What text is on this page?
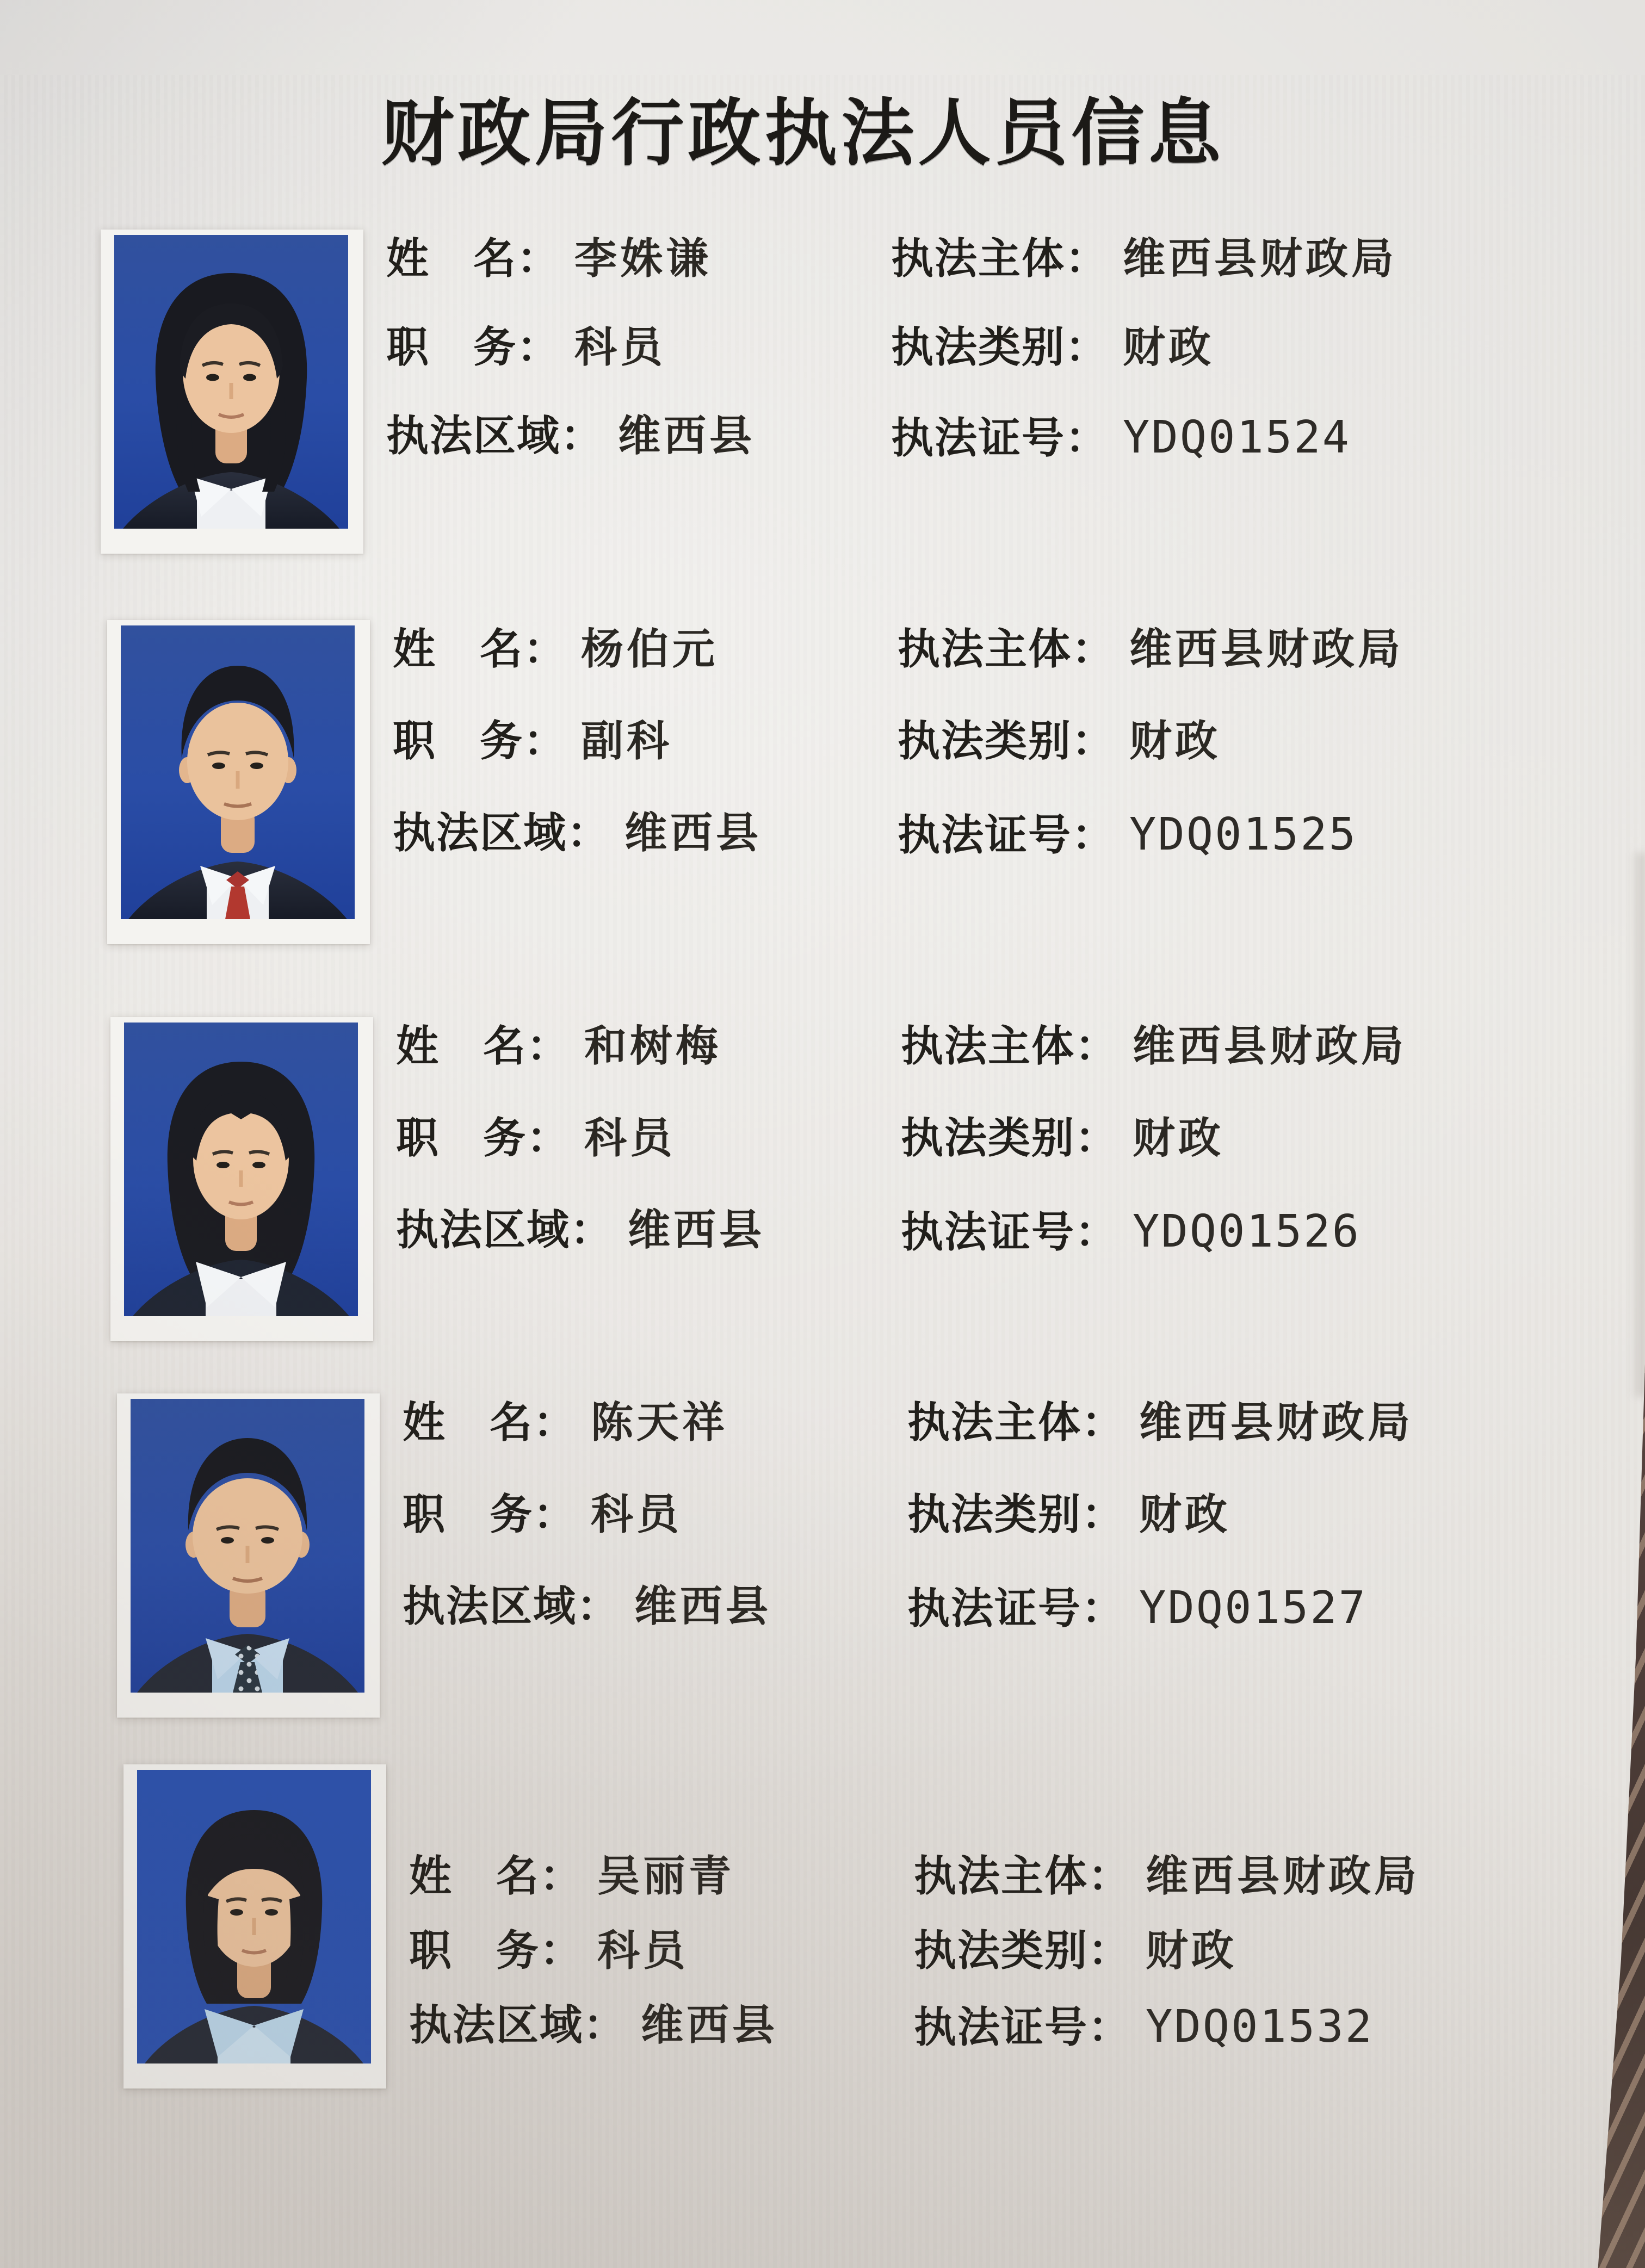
财政局行政执法人员信息
姓　名： 李姝谦	执法主体： 维西县财政局
职　务： 科员	执法类别： 财政
执法区域： 维西县	执法证号： YDQ01524
姓　名： 杨伯元	执法主体： 维西县财政局
职　务： 副科	执法类别： 财政
执法区域： 维西县	执法证号： YDQ01525
姓　名： 和树梅	执法主体： 维西县财政局
职　务： 科员	执法类别： 财政
执法区域： 维西县	执法证号： YDQ01526
姓　名： 陈天祥	执法主体： 维西县财政局
职　务： 科员	执法类别： 财政
执法区域： 维西县	执法证号： YDQ01527
姓　名： 吴丽青	执法主体： 维西县财政局
职　务： 科员	执法类别： 财政
执法区域： 维西县	执法证号： YDQ01532
